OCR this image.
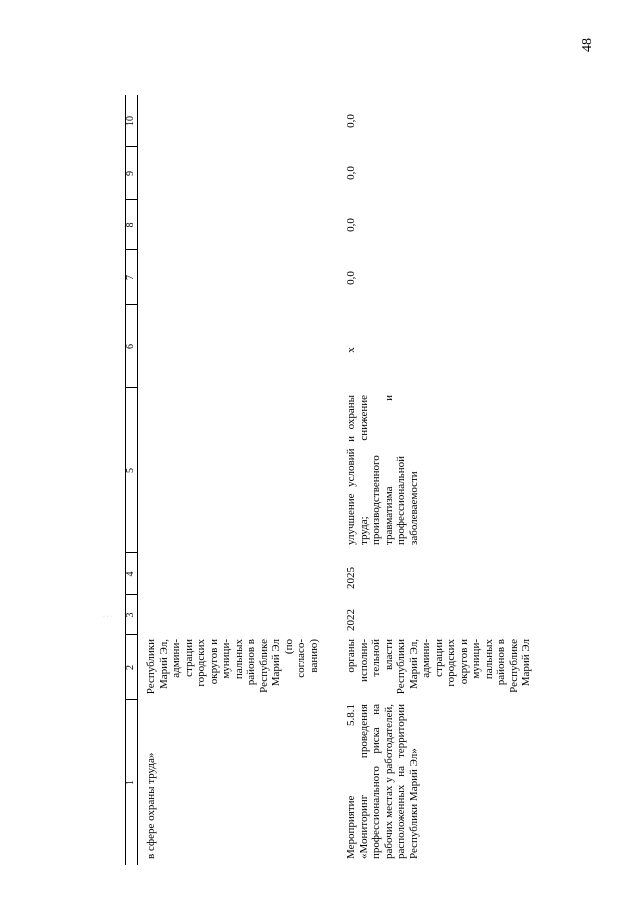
48
· · ·
1
2
3
4
5
6
7
8
9
10
в сфере охраны труда»
Республики Марий Эл, админи- страции городских округов и муници- пальных районов в Республике Марий Эл (по согласо- ванию)
Мероприятие 5.8.1 «Мониторинг проведения профессионального риска на рабочих местах у работодателей, расположенных на территории Республики Марий Эл»
органы исполни- тельной власти Республики Марий Эл, админи- страции городских округов и муници- пальных районов в Республике Марий Эл
2022
2025
улучшение условий и охраны труда; снижение производственного травматизма и профессиональной заболеваемости
x
0,0
0,0
0,0
0,0
